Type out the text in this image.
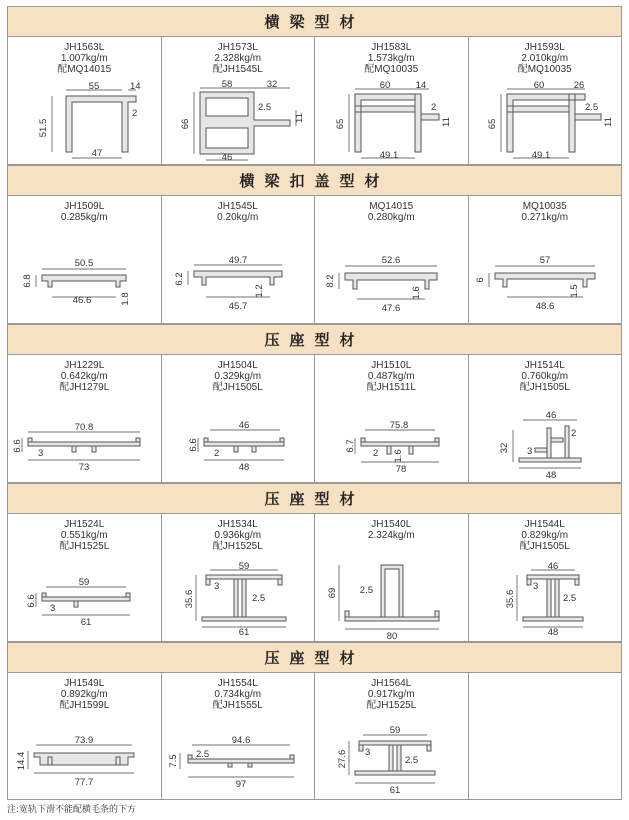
横梁型材
JH1563L
1.007kg/m
配MQ14015
55	14
2
51.5
47
JH1573L
2.328kg/m
配JH1545L
58	32
2.5
11
66
46
JH1583L
1.573kg/m
配MQ10035
60	14
2
11
65
49.1
JH1593L
2.010kg/m
配MQ10035
60	26
2.5
11
65
49.1
横梁扣盖型材
JH1509L
0.285kg/m
50.5
6.8
46.6	1.8
JH1545L
0.20kg/m
49.7
6.2
1.2
45.7
MQ14015
0.280kg/m
52.6
8.2
1.6
47.6
MQ10035
0.271kg/m
57
6
1.5
48.6
压座型材
JH1229L
0.642kg/m
配JH1279L
70.8
6.6
3
73
JH1504L
0.329kg/m
配JH1505L
46
6.6
2
48
JH1510L
0.487kg/m
配JH1511L
75.8
6.7
2 1.6
78
JH1514L
0.760kg/m
配JH1505L
46
2
32 3
48
压座型材
JH1524L
0.551kg/m
配JH1525L
59
6.6
3
61
JH1534L
0.936kg/m
配JH1525L
59
3
35.6	2.5
61
JH1540L
2.324kg/m
2.5
69
80
JH1544L
0.829kg/m
配JH1505L
46
3
35.6	2.5
48
压座型材
JH1549L
0.892kg/m
配JH1599L
73.9
14.4
77.7
JH1554L
0.734kg/m
配JH1555L
94.6
7.5 2.5
97
JH1564L
0.917kg/m
配JH1525L
59
3
27.6	2.5
61
注:宽轨下滑不能配横毛条的下方
